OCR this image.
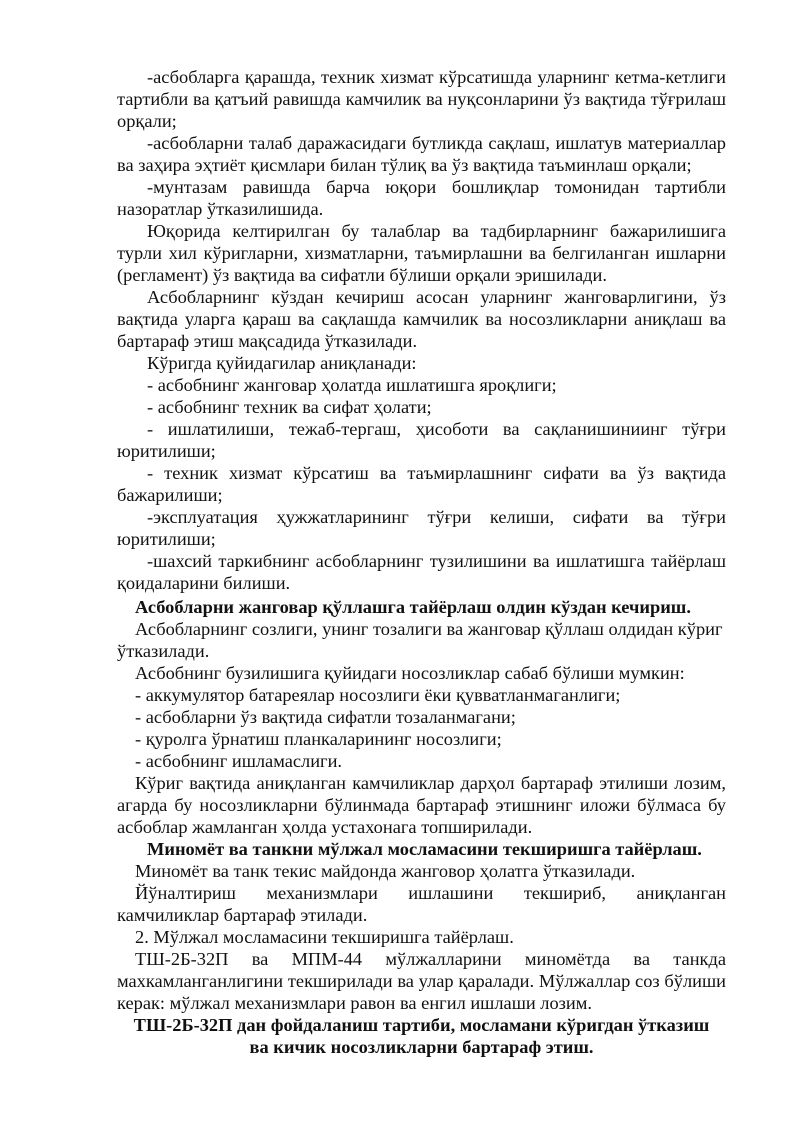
-асбобларга қарашда, техник хизмат кўрсатишда уларнинг кетма-кетлиги тартибли ва қатъий равишда камчилик ва нуқсонларини ўз вақтида тўғрилаш орқали;

-асбобларни талаб даражасидаги бутликда сақлаш, ишлатув материаллар ва заҳира эҳтиёт қисмлари билан тўлиқ ва ўз вақтида таъминлаш орқали;

-мунтазам равишда барча юқори бошлиқлар томонидан тартибли назоратлар ўтказилишида.

Юқорида келтирилган бу талаблар ва тадбирларнинг бажарилишига турли хил кўригларни, хизматларни, таъмирлашни ва белгиланган ишларни (регламент) ўз вақтида ва сифатли бўлиши орқали эришилади.

Асбобларнинг кўздан кечириш асосан уларнинг жанговарлигини, ўз вақтида уларга қараш ва сақлашда камчилик ва носозликларни аниқлаш ва бартараф этиш мақсадида ўтказилади.

Кўригда қуйидагилар аниқланади:

- асбобнинг жанговар ҳолатда ишлатишга яроқлиги;

- асбобнинг техник ва сифат ҳолати;

- ишлатилиши, тежаб-тергаш, ҳисоботи ва сақланишиниинг тўғри юритилиши;

- техник хизмат кўрсатиш ва таъмирлашнинг сифати ва ўз вақтида бажарилиши;

-эксплуатация ҳужжатларининг тўғри келиши, сифати ва тўғри юритилиши;

-шахсий таркибнинг асбобларнинг тузилишини ва ишлатишга тайёрлаш қоидаларини билиши.

Асбобларни жанговар қўллашга тайёрлаш олдин кўздан кечириш.

Асбобларнинг созлиги, унинг тозалиги ва жанговар қўллаш олдидан кўриг ўтказилади.

Асбобнинг бузилишига қуйидаги носозликлар сабаб бўлиши мумкин:

- аккумулятор батареялар носозлиги ёки қувватланмаганлиги;

- асбобларни ўз вақтида сифатли тозаланмагани;

- қуролга ўрнатиш планкаларининг носозлиги;

- асбобнинг ишламаслиги.

Кўриг вақтида аниқланган камчиликлар дарҳол бартараф этилиши лозим, агарда бу носозликларни бўлинмада бартараф этишнинг иложи бўлмаса бу асбоблар жамланган ҳолда устахонага топширилади.

Миномёт ва танкни мўлжал мосламасини текширишга тайёрлаш.

Миномёт ва танк текис майдонда жанговор ҳолатга ўтказилади.

Йўналтириш механизмлари ишлашини текшириб, аниқланган камчиликлар бартараф этилади.

2. Мўлжал мосламасини текширишга тайёрлаш.

ТШ-2Б-32П ва МПМ-44 мўлжалларини миномётда ва танкда махкамланганлигини текширилади ва улар қаралади. Мўлжаллар соз бўлиши керак: мўлжал механизмлари равон ва енгил ишлаши лозим.

ТШ-2Б-32П дан фойдаланиш тартиби, мосламани кўригдан ўтказиш

ва кичик носозликларни бартараф этиш.
